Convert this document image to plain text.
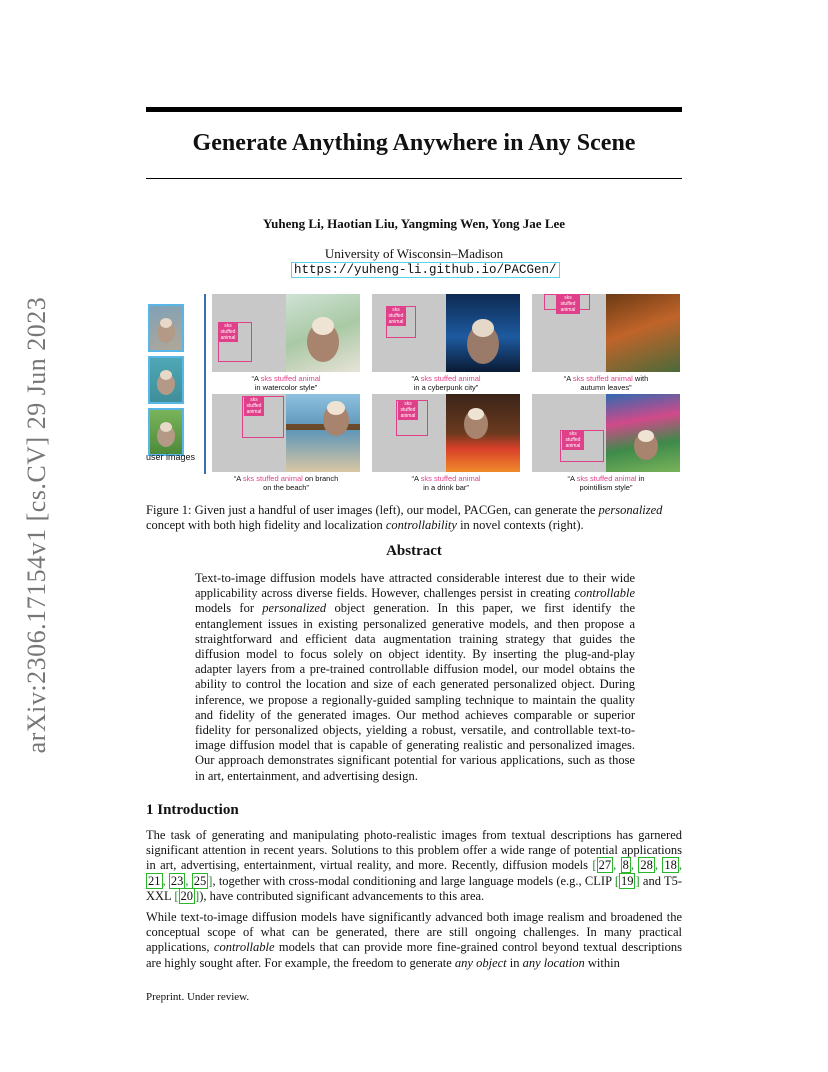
arXiv:2306.17154v1 [cs.CV] 29 Jun 2023
Generate Anything Anywhere in Any Scene
Yuheng Li, Haotian Liu, Yangming Wen, Yong Jae Lee
University of Wisconsin–Madison
https://yuheng-li.github.io/PACGen/
user images
sks stuffed animal
“A sks stuffed animal
in watercolor style”
sks stuffed animal
“A sks stuffed animal
in a cyberpunk city”
sks stuffed animal
“A sks stuffed animal with
autumn leaves”
sks stuffed animal
“A sks stuffed animal on branch
on the beach”
sks stuffed animal
“A sks stuffed animal
in a drink bar”
sks stuffed animal
“A sks stuffed animal in
pointillism style”
Figure 1: Given just a handful of user images (left), our model, PACGen, can generate the personalized concept with both high fidelity and localization controllability in novel contexts (right).
Abstract
Text-to-image diffusion models have attracted considerable interest due to their wide applicability across diverse fields. However, challenges persist in creating controllable models for personalized object generation. In this paper, we first identify the entanglement issues in existing personalized generative models, and then propose a straightforward and efficient data augmentation training strategy that guides the diffusion model to focus solely on object identity. By inserting the plug-and-play adapter layers from a pre-trained controllable diffusion model, our model obtains the ability to control the location and size of each generated personalized object. During inference, we propose a regionally-guided sampling technique to maintain the quality and fidelity of the generated images. Our method achieves comparable or superior fidelity for personalized objects, yielding a robust, versatile, and controllable text-to-image diffusion model that is capable of generating realistic and personalized images. Our approach demonstrates significant potential for various applications, such as those in art, entertainment, and advertising design.
1 Introduction
The task of generating and manipulating photo-realistic images from textual descriptions has garnered significant attention in recent years. Solutions to this problem offer a wide range of potential applications in art, advertising, entertainment, virtual reality, and more. Recently, diffusion models [ 27 , 8 , 28 , 18 , 21 , 23 , 25 ], together with cross-modal conditioning and large language models (e.g., CLIP [ 19 ] and T5-XXL [ 20 ]), have contributed significant advancements to this area.
While text-to-image diffusion models have significantly advanced both image realism and broadened the conceptual scope of what can be generated, there are still ongoing challenges. In many practical applications, controllable models that can provide more fine-grained control beyond textual descriptions are highly sought after. For example, the freedom to generate any object in any location within
Preprint. Under review.
